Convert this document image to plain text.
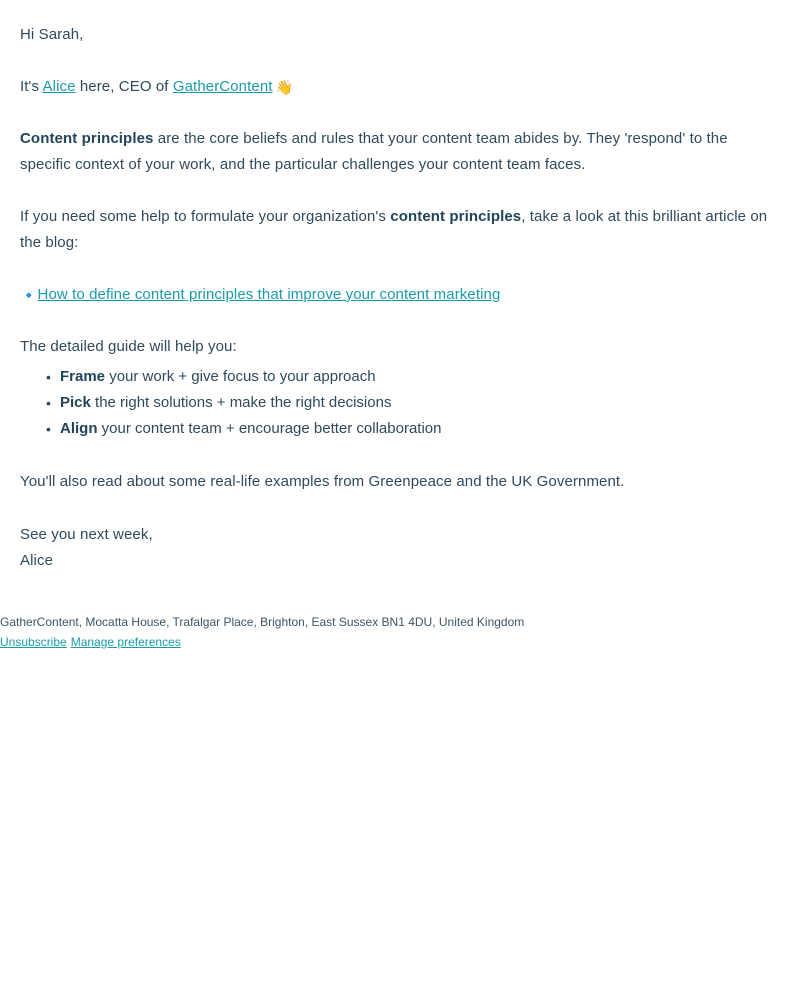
Hi Sarah,

It's Alice here, CEO of GatherContent 👋

Content principles are the core beliefs and rules that your content team abides by. They 'respond' to the specific context of your work, and the particular challenges your content team faces.

If you need some help to formulate your organization's content principles, take a look at this brilliant article on the blog:

🔹How to define content principles that improve your content marketing

The detailed guide will help you:

• Frame your work + give focus to your approach
• Pick the right solutions + make the right decisions
• Align your content team + encourage better collaboration

You'll also read about some real-life examples from Greenpeace and the UK Government.

See you next week,

Alice

GatherContent, Mocatta House, Trafalgar Place, Brighton, East Sussex BN1 4DU, United Kingdom

Unsubscribe Manage preferences
